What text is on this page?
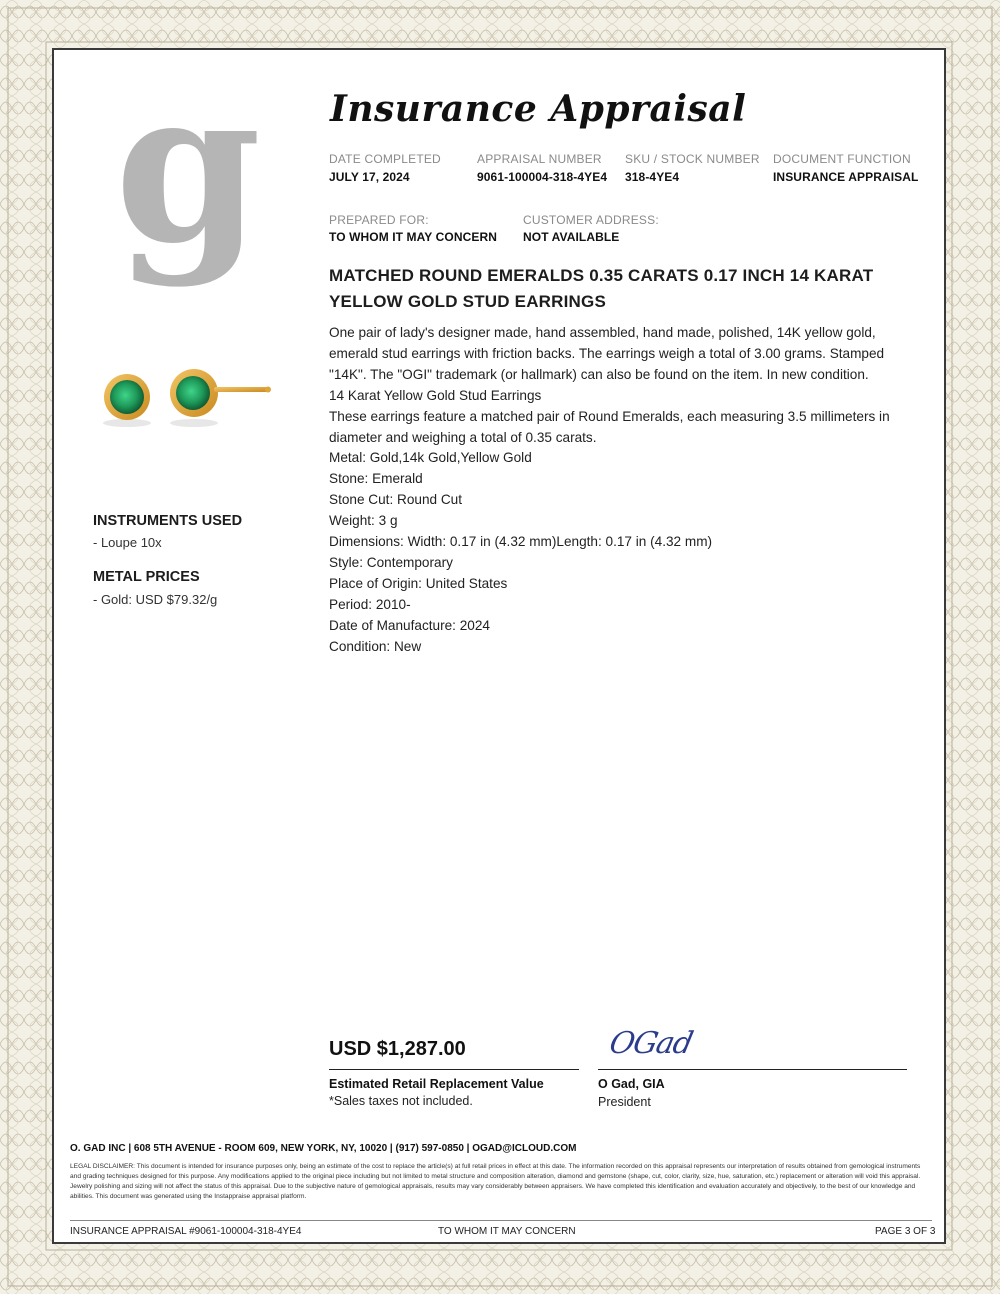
g Insurance Appraisal
DATE COMPLETED
JULY 17, 2024
APPRAISAL NUMBER
9061-100004-318-4YE4
SKU / STOCK NUMBER
318-4YE4
DOCUMENT FUNCTION
INSURANCE APPRAISAL
PREPARED FOR:
TO WHOM IT MAY CONCERN
CUSTOMER ADDRESS:
NOT AVAILABLE
MATCHED ROUND EMERALDS 0.35 CARATS 0.17 INCH 14 KARAT YELLOW GOLD STUD EARRINGS
One pair of lady's designer made, hand assembled, hand made, polished, 14K yellow gold, emerald stud earrings with friction backs. The earrings weigh a total of 3.00 grams. Stamped "14K". The "OGI" trademark (or hallmark) can also be found on the item. In new condition.
14 Karat Yellow Gold Stud Earrings
These earrings feature a matched pair of Round Emeralds, each measuring 3.5 millimeters in diameter and weighing a total of 0.35 carats.
Metal: Gold,14k Gold,Yellow Gold
Stone: Emerald
Stone Cut: Round Cut
Weight: 3 g
Dimensions: Width: 0.17 in (4.32 mm)Length: 0.17 in (4.32 mm)
Style: Contemporary
Place of Origin: United States
Period: 2010-
Date of Manufacture: 2024
Condition: New
INSTRUMENTS USED
- Loupe 10x
METAL PRICES
- Gold: USD $79.32/g
USD $1,287.00
Estimated Retail Replacement Value
*Sales taxes not included.
OGad
O Gad, GIA
President
O. GAD INC | 608 5TH AVENUE - ROOM 609, NEW YORK, NY, 10020 | (917) 597-0850 | OGAD@ICLOUD.COM
LEGAL DISCLAIMER: This document is intended for insurance purposes only, being an estimate of the cost to replace the article(s) at full retail prices in effect at this date. The information recorded on this appraisal represents our interpretation of results obtained from gemological instruments and grading techniques designed for this purpose. Any modifications applied to the original piece including but not limited to metal structure and composition alteration, diamond and gemstone (shape, cut, color, clarity, size, hue, saturation, etc.) replacement or alteration will void this appraisal. Jewelry polishing and sizing will not affect the status of this appraisal. Due to the subjective nature of gemological appraisals, results may vary considerably between appraisers. We have completed this identification and evaluation accurately and objectively, to the best of our knowledge and abilities. This document was generated using the Instappraise appraisal platform.
INSURANCE APPRAISAL #9061-100004-318-4YE4	TO WHOM IT MAY CONCERN	PAGE 3 OF 3
